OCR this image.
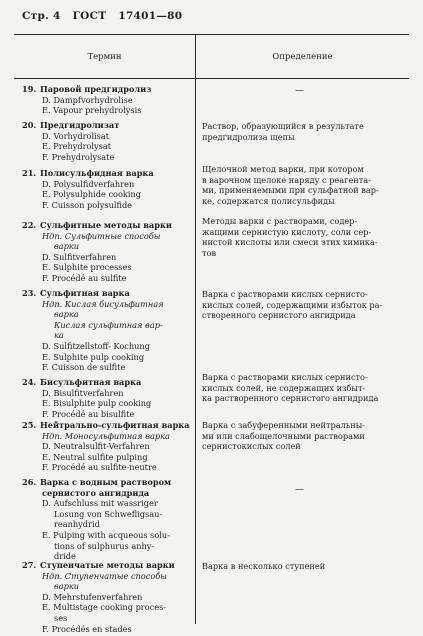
Стр. 4 ГОСТ 17401—80
Термин	Определение
19. Паровой предгидролиз
D. Dampfvorhydrolise
E. Vapour prehydrolysis
—
20. Предгидролизат
D. Vorhydrolisat
E. Prehydrolysat
F. Prehydrolysate
Раствор, образующийся в результате
предгидролиза щепы
21. Полисульфидная варка
D. Polysulfidverfahren
E. Polysulphide cooking
F. Cuisson polysulfide
Щелочной метод варки, при котором
в варочном щелоке наряду с реагента-
ми, применяемыми при сульфатной вар-
ке, содержатся полисульфиды
22. Сульфитные методы варки
Ндп. Сульфитные способы
варки
D. Sulfitverfahren
E. Sulphite processes
F. Procédé au sulfite
Методы варки с растворами, содер-
жащими сернистую кислоту, соли сер-
нистой кислоты или смеси этих химика-
тов
23. Сульфитная варка
Ндп. Кислая бисульфитная
варка
Кислая сульфитная вар-
ка
D. Sulfitzellstoff- Kochung
E. Sulphite pulp cooking
F. Cuisson de sulfite
Варка с растворами кислых сернисто-
кислых солей, содержащими избыток ра-
створенного сернистого ангидрида
24. Бисульфитная варка
D. Bisulfitverfahren
E. Bisulphite pulp cooking
F. Procédé au bisulfite
Варка с растворами кислых сернисто-
кислых солей, не содержащих избыт-
ка растворенного сернистого ангидрида
25. Нейтрально-сульфитная варка
Ндп. Моносульфитная варка
D. Neutralsulfit-Verfahren
E. Neutral sulfite pulping
F. Procédé au sulfite-neutre
Варка с забуференными нейтральны-
ми или слабощелочными растворами
сернистокислых солей
26. Варка с водным раствором
сернистого ангидрида
D. Aufschluss mit wassriger
Losung von Schwefligsau-
reanhydrid
E. Pulping with acqueous solu-
tions of sulphurus anhy-
dride
—
27. Ступенчатые методы варки
Ндп. Ступенчатые способы
варки
D. Mehrstufenverfahren
E. Multistage cooking proces-
ses
F. Procédés en stades
Варка в несколько ступеней
